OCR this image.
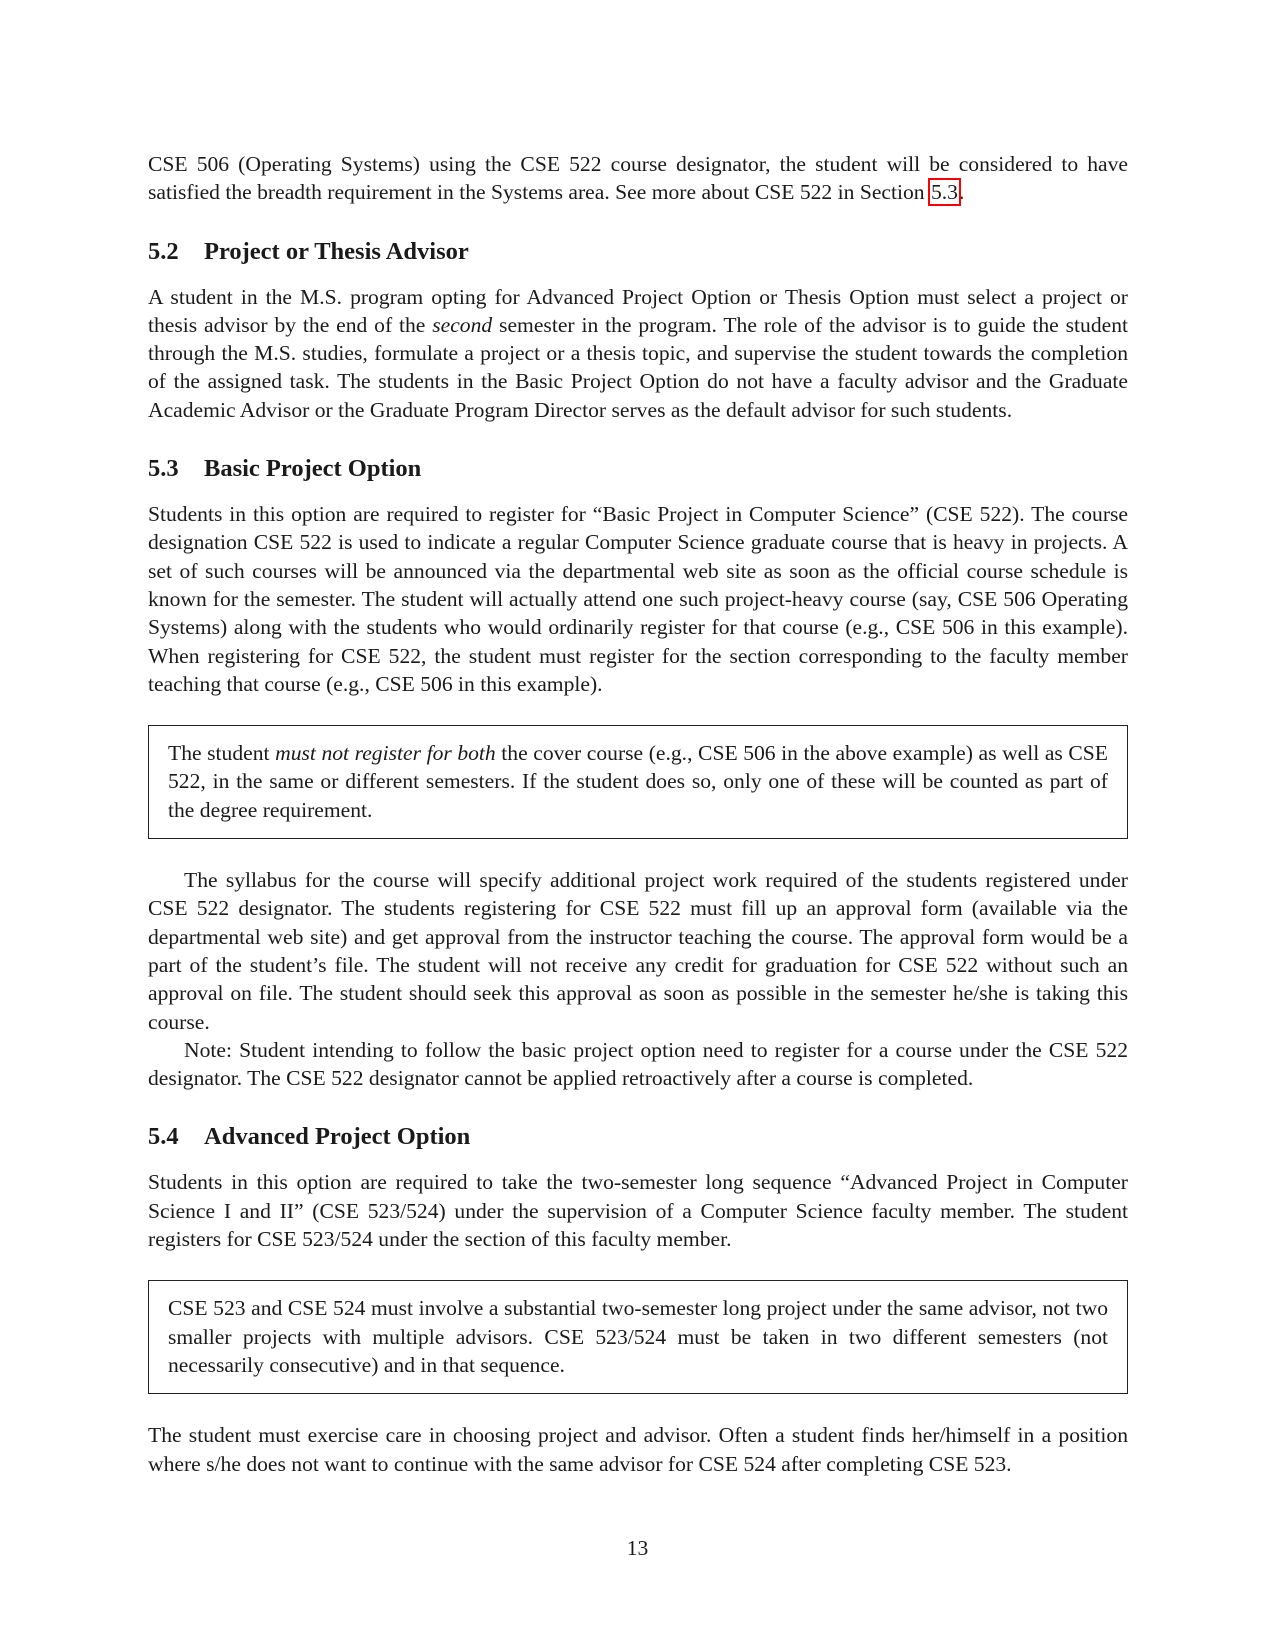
CSE 506 (Operating Systems) using the CSE 522 course designator, the student will be considered to have satisfied the breadth requirement in the Systems area. See more about CSE 522 in Section 5.3.

5.2 Project or Thesis Advisor

A student in the M.S. program opting for Advanced Project Option or Thesis Option must select a project or thesis advisor by the end of the second semester in the program. The role of the advisor is to guide the student through the M.S. studies, formulate a project or a thesis topic, and supervise the student towards the completion of the assigned task. The students in the Basic Project Option do not have a faculty advisor and the Graduate Academic Advisor or the Graduate Program Director serves as the default advisor for such students.

5.3 Basic Project Option

Students in this option are required to register for “Basic Project in Computer Science” (CSE 522). The course designation CSE 522 is used to indicate a regular Computer Science graduate course that is heavy in projects. A set of such courses will be announced via the departmental web site as soon as the official course schedule is known for the semester. The student will actually attend one such project-heavy course (say, CSE 506 Operating Systems) along with the students who would ordinarily register for that course (e.g., CSE 506 in this example). When registering for CSE 522, the student must register for the section corresponding to the faculty member teaching that course (e.g., CSE 506 in this example).

The student must not register for both the cover course (e.g., CSE 506 in the above example) as well as CSE 522, in the same or different semesters. If the student does so, only one of these will be counted as part of the degree requirement.

The syllabus for the course will specify additional project work required of the students registered under CSE 522 designator. The students registering for CSE 522 must fill up an approval form (available via the departmental web site) and get approval from the instructor teaching the course. The approval form would be a part of the student’s file. The student will not receive any credit for graduation for CSE 522 without such an approval on file. The student should seek this approval as soon as possible in the semester he/she is taking this course.

Note: Student intending to follow the basic project option need to register for a course under the CSE 522 designator. The CSE 522 designator cannot be applied retroactively after a course is completed.

5.4 Advanced Project Option

Students in this option are required to take the two-semester long sequence “Advanced Project in Computer Science I and II” (CSE 523/524) under the supervision of a Computer Science faculty member. The student registers for CSE 523/524 under the section of this faculty member.

CSE 523 and CSE 524 must involve a substantial two-semester long project under the same advisor, not two smaller projects with multiple advisors. CSE 523/524 must be taken in two different semesters (not necessarily consecutive) and in that sequence.

The student must exercise care in choosing project and advisor. Often a student finds her/himself in a position where s/he does not want to continue with the same advisor for CSE 524 after completing CSE 523.

13
